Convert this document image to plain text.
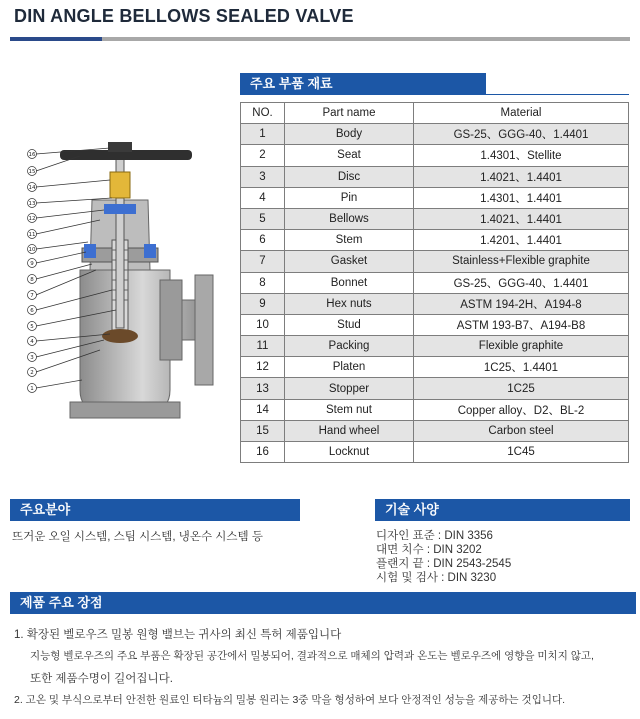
DIN ANGLE BELLOWS SEALED VALVE
16
15
14
13
12
11
10
9
8
7
6
5
4
3
2
1
주요 부품 재료
NO.	Part name	Material
1	Body	GS-25、GGG-40、1.4401
2	Seat	1.4301、Stellite
3	Disc	1.4021、1.4401
4	Pin	1.4301、1.4401
5	Bellows	1.4021、1.4401
6	Stem	1.4201、1.4401
7	Gasket	Stainless+Flexible graphite
8	Bonnet	GS-25、GGG-40、1.4401
9	Hex nuts	ASTM 194-2H、A194-8
10	Stud	ASTM 193-B7、A194-B8
11	Packing	Flexible graphite
12	Platen	1C25、1.4401
13	Stopper	1C25
14	Stem nut	Copper alloy、D2、BL-2
15	Hand wheel	Carbon steel
16	Locknut	1C45
주요분야
뜨거운 오일 시스템, 스팀 시스템, 냉온수 시스템 등
기술 사양
디자인 표준 : DIN 3356
대면 치수 : DIN 3202
플랜지 끝 : DIN 2543-2545
시험 및 검사 : DIN 3230
제품 주요 장점
1. 확장된 벨로우즈 밀봉 원형 밸브는 귀사의 최신 특허 제품입니다
지능형 벨로우즈의 주요 부품은 확장된 공간에서 밀봉되어, 결과적으로 매체의 압력과 온도는 벨로우즈에 영향을 미치지 않고,
또한 제품수명이 길어집니다.
2. 고온 및 부식으로부터 안전한 원료인 티타늄의 밀봉 원리는 3중 막을 형성하여 보다 안정적인 성능을 제공하는 것입니다.
